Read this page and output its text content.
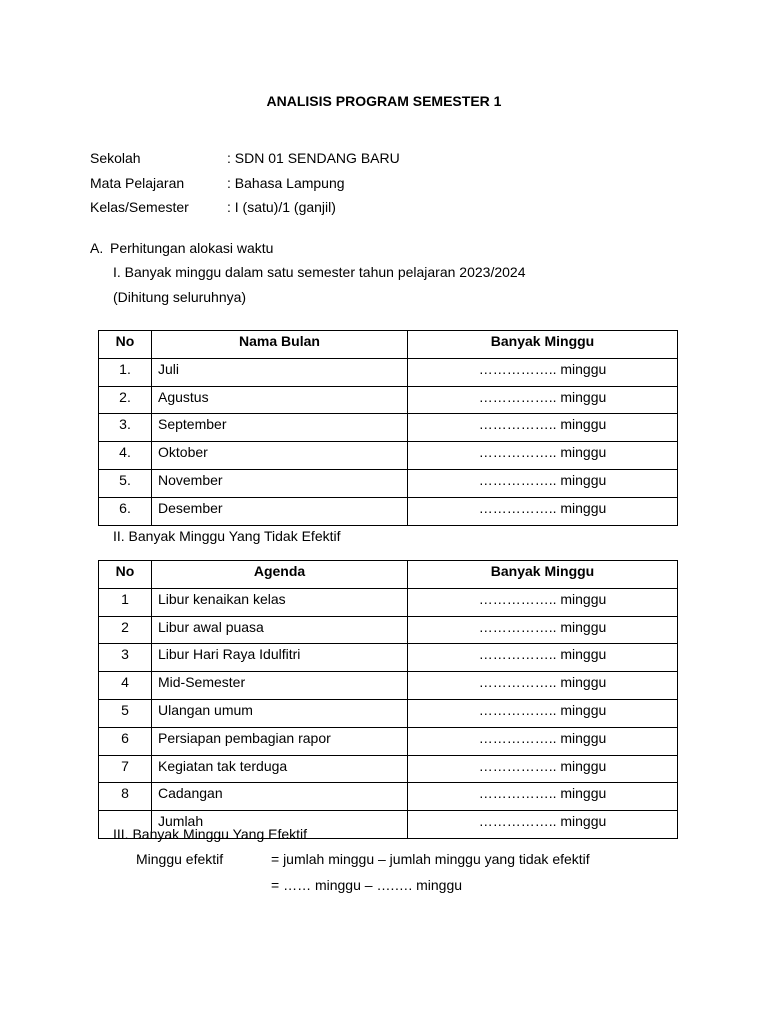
ANALISIS PROGRAM SEMESTER 1
Sekolah	: SDN 01 SENDANG BARU
Mata Pelajaran	: Bahasa Lampung
Kelas/Semester	: I (satu)/1 (ganjil)
A. Perhitungan alokasi waktu
I. Banyak minggu dalam satu semester tahun pelajaran 2023/2024
(Dihitung seluruhnya)
No	Nama Bulan	Banyak Minggu
1.	Juli	…………….. minggu
2.	Agustus	…………….. minggu
3.	September	…………….. minggu
4.	Oktober	…………….. minggu
5.	November	…………….. minggu
6.	Desember	…………….. minggu
II. Banyak Minggu Yang Tidak Efektif
No	Agenda	Banyak Minggu
1	Libur kenaikan kelas	…………….. minggu
2	Libur awal puasa	…………….. minggu
3	Libur Hari Raya Idulfitri	…………….. minggu
4	Mid-Semester	…………….. minggu
5	Ulangan umum	…………….. minggu
6	Persiapan pembagian rapor	…………….. minggu
7	Kegiatan tak terduga	…………….. minggu
8	Cadangan	…………….. minggu
	Jumlah	…………….. minggu
III. Banyak Minggu Yang Efektif
Minggu efektif	= jumlah minggu – jumlah minggu yang tidak efektif
= …… minggu – ….…. minggu
